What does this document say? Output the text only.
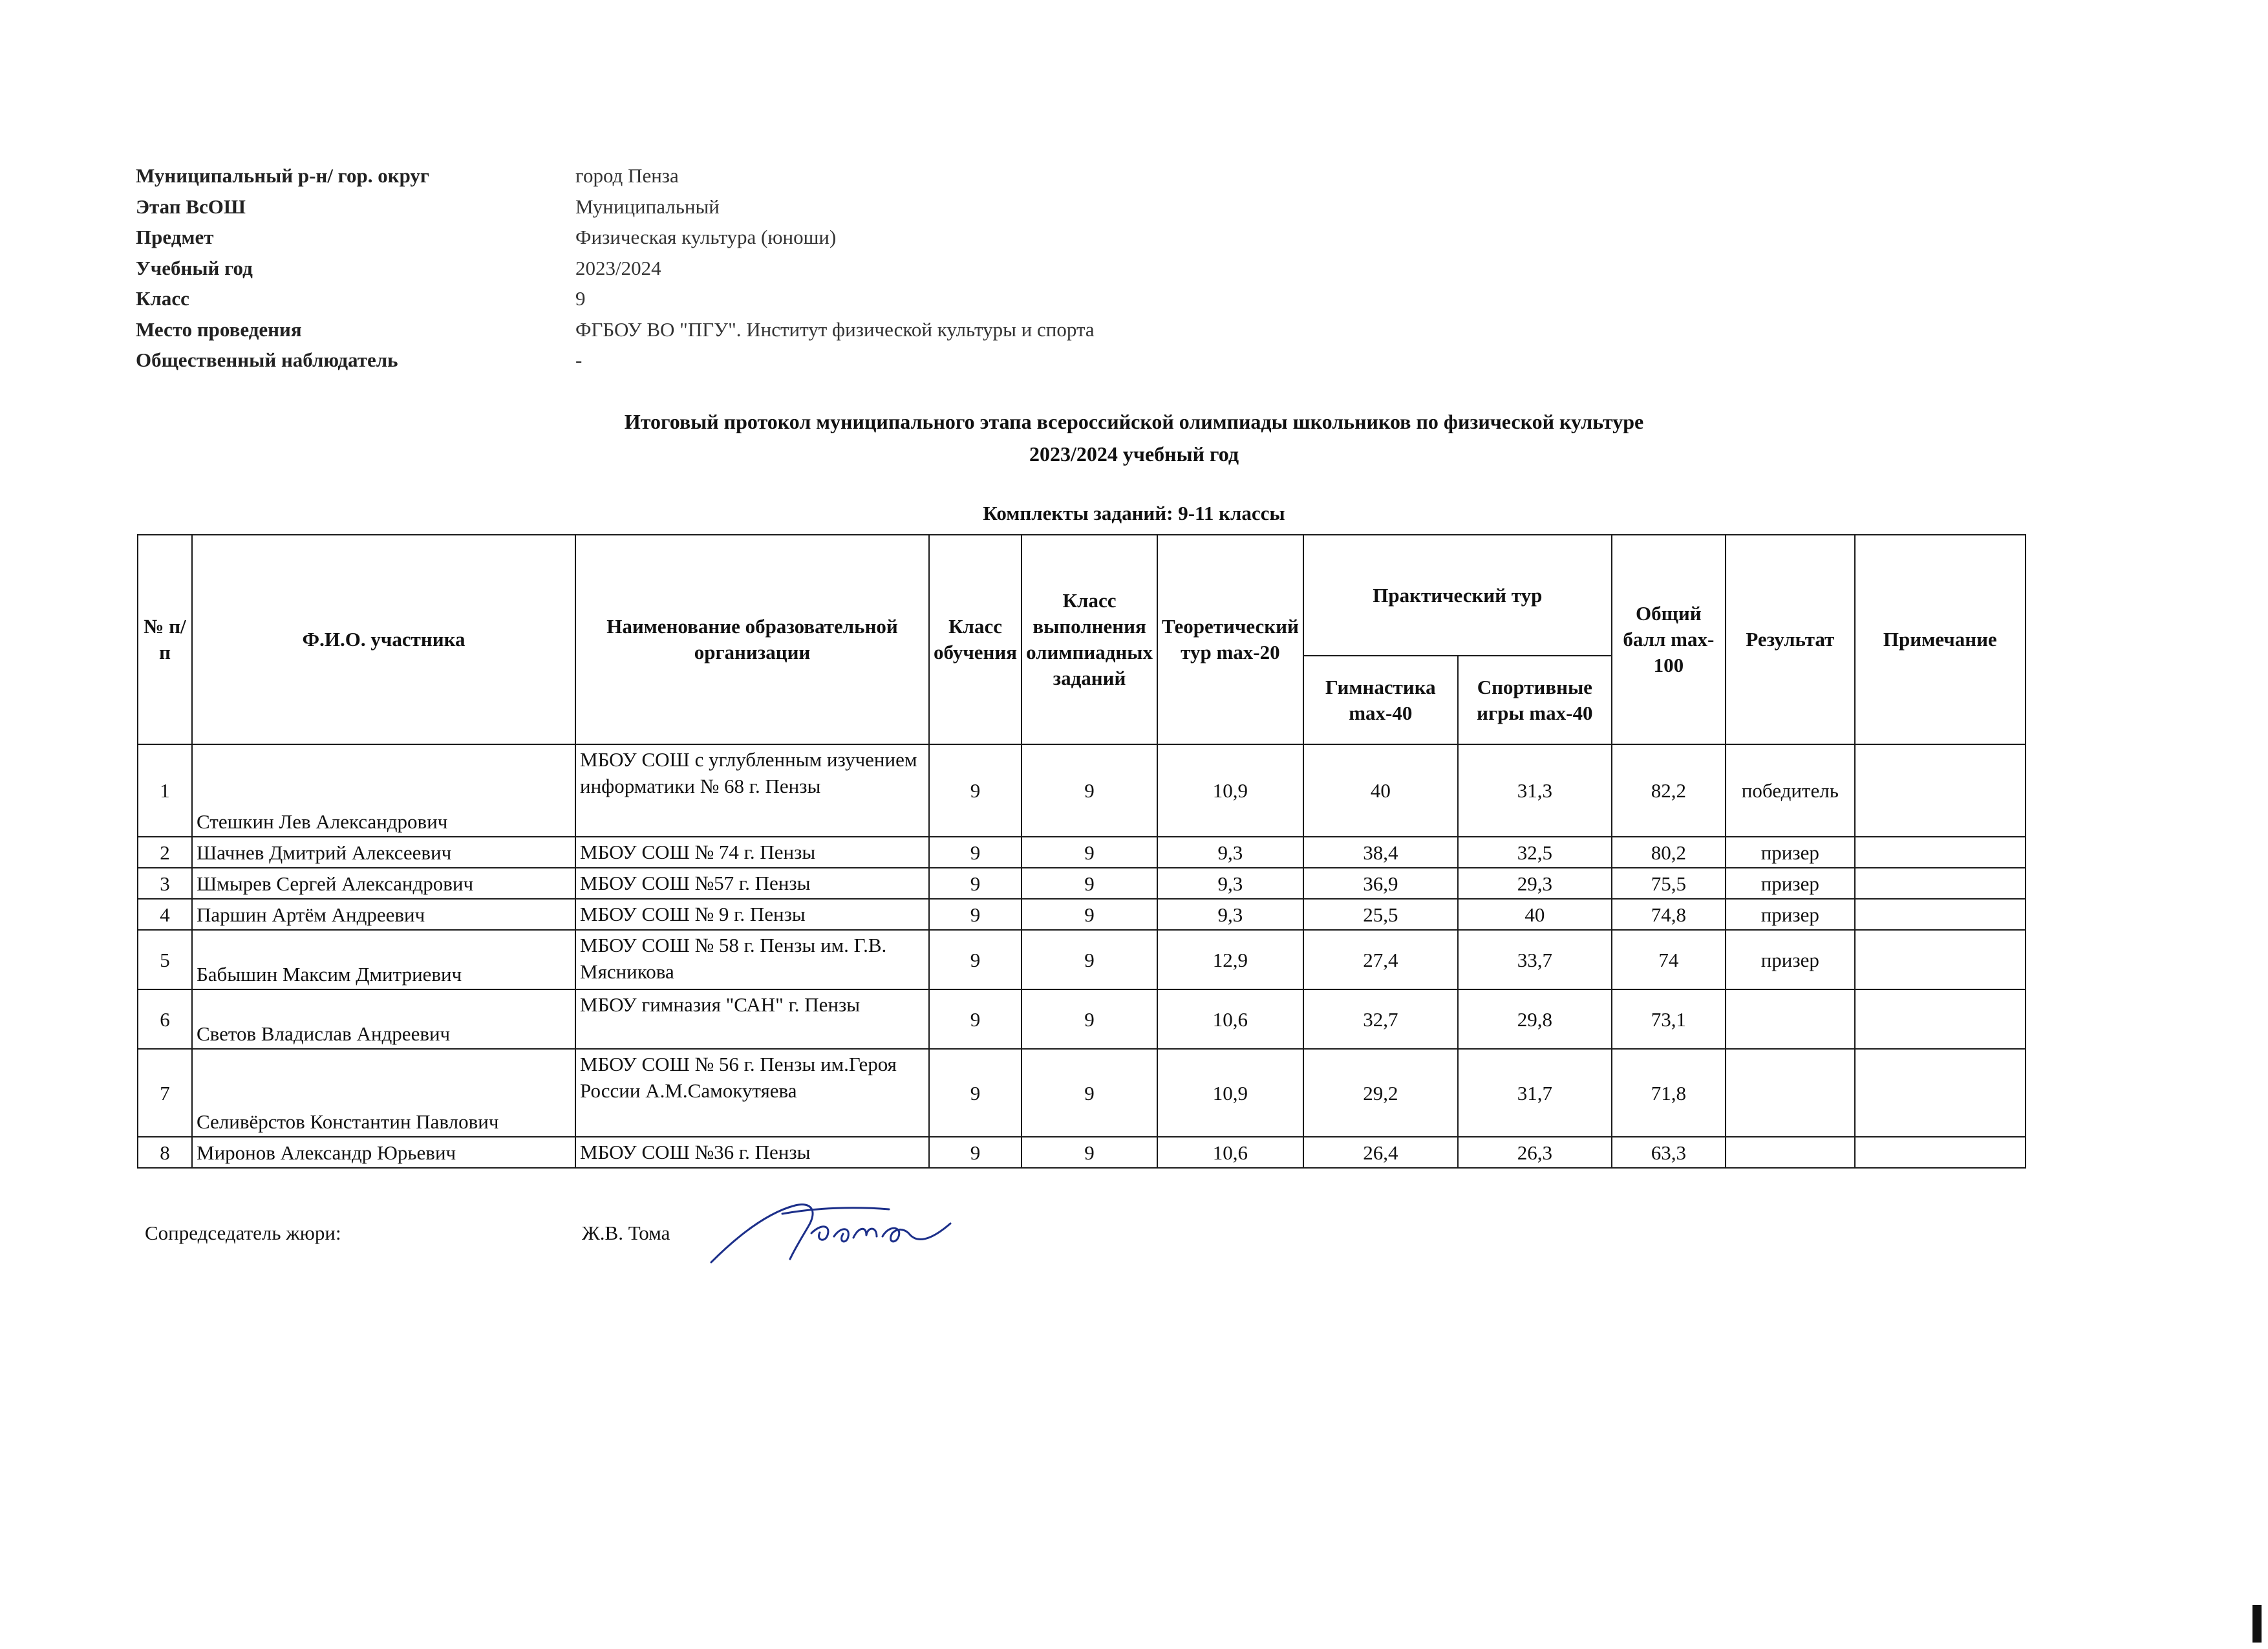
Муниципальный р-н/ гор. округ	город Пенза
Этап ВсОШ	Муниципальный
Предмет	Физическая культура (юноши)
Учебный год	2023/2024
Класс	9
Место проведения	ФГБОУ ВО "ПГУ". Институт физической культуры и спорта
Общественный наблюдатель	-
Итоговый протокол муниципального этапа всероссийской олимпиады школьников по физической культуре
2023/2024 учебный год
Комплекты заданий: 9-11 классы
№ п/п	Ф.И.О. участника	Наименование образовательной организации	Класс обучения	Класс выполнения олимпиадных заданий	Теоретический тур max-20	Практический тур		Общий балл max-100	Результат	Примечание
						Гимнастика max-40	Спортивные игры max-40			
1	Стешкин Лев Александрович	МБОУ СОШ с углубленным изучением информатики № 68 г. Пензы	9	9	10,9	40	31,3	82,2	победитель	
2	Шачнев Дмитрий Алексеевич	МБОУ СОШ № 74 г. Пензы	9	9	9,3	38,4	32,5	80,2	призер	
3	Шмырев Сергей Александрович	МБОУ СОШ №57 г. Пензы	9	9	9,3	36,9	29,3	75,5	призер	
4	Паршин Артём Андреевич	МБОУ СОШ № 9 г. Пензы	9	9	9,3	25,5	40	74,8	призер	
5	Бабышин Максим Дмитриевич	МБОУ СОШ № 58 г. Пензы им. Г.В. Мясникова	9	9	12,9	27,4	33,7	74	призер	
6	Светов Владислав Андреевич	МБОУ гимназия "САН" г. Пензы	9	9	10,6	32,7	29,8	73,1		
7	Селивёрстов Константин Павлович	МБОУ СОШ № 56 г. Пензы им.Героя России А.М.Самокутяева	9	9	10,9	29,2	31,7	71,8		
8	Миронов Александр Юрьевич	МБОУ СОШ №36 г. Пензы	9	9	10,6	26,4	26,3	63,3		
Сопредседатель жюри:	Ж.В. Тома
